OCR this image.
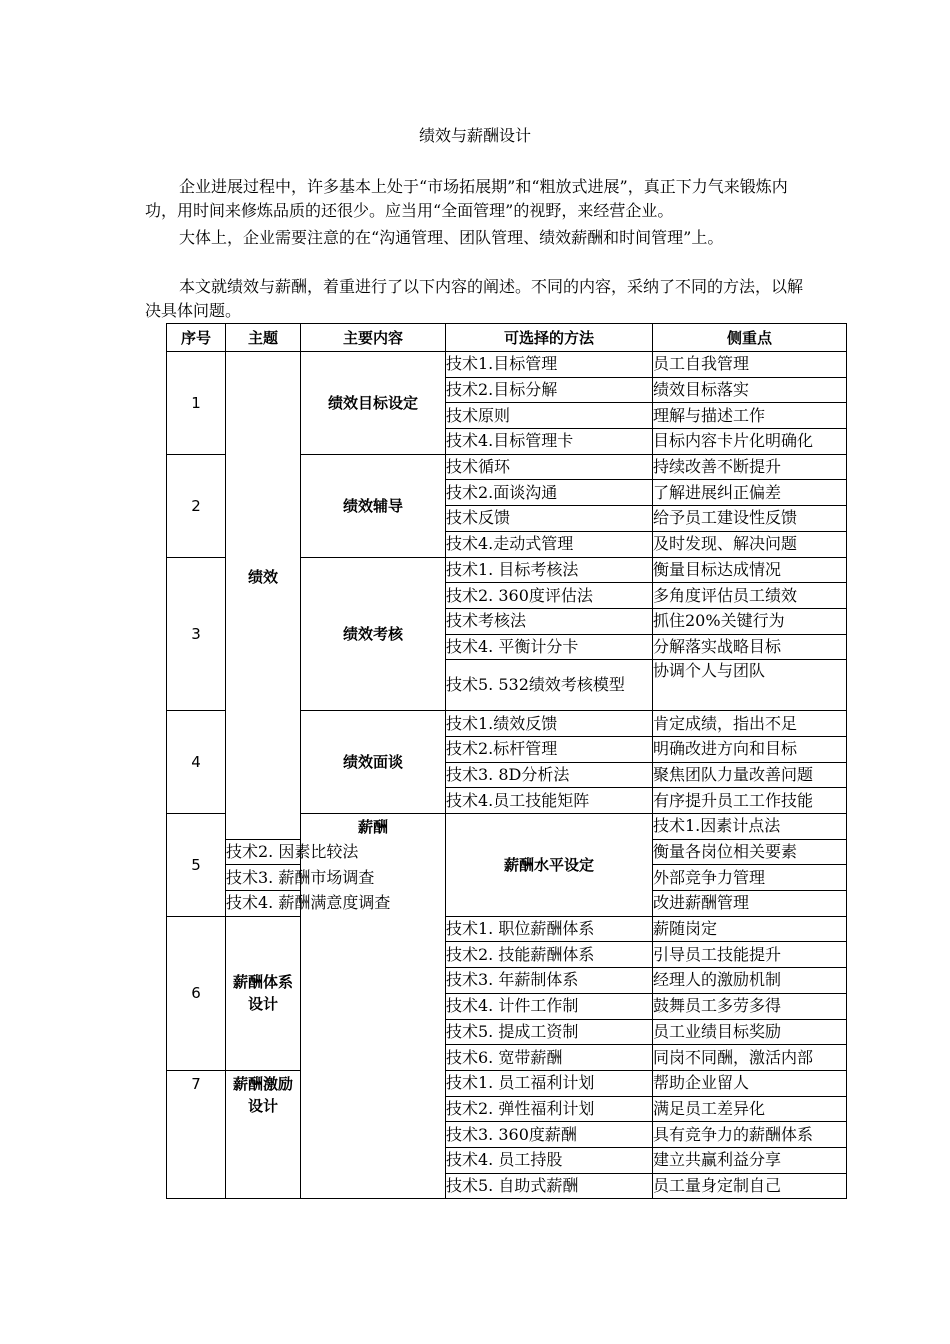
绩效与薪酬设计

企业进展过程中，许多基本上处于“市场拓展期”和“粗放式进展”，真正下力气来锻炼内功，用时间来修炼品质的还很少。应当用“全面管理”的视野，来经营企业。

大体上，企业需要注意的在“沟通管理、团队管理、绩效薪酬和时间管理”上。

本文就绩效与薪酬，着重进行了以下内容的阐述。不同的内容，采纳了不同的方法，以解决具体问题。

序号	主题	主要内容	可选择的方法	侧重点	
1	绩效	绩效目标设定	技术1.目标管理	员工自我管理	
			技术2.目标分解	绩效目标落实	
			技术原则	理解与描述工作	
			技术4.目标管理卡	目标内容卡片化明确化	
2		绩效辅导	技术循环	持续改善不断提升	
			技术2.面谈沟通	了解进展纠正偏差	
			技术反馈	给予员工建设性反馈	
			技术4.走动式管理	及时发现、解决问题	
3		绩效考核	技术1. 目标考核法	衡量目标达成情况	
			技术2. 360度评估法	多角度评估员工绩效	
			技术考核法	抓住20%关键行为	
			技术4. 平衡计分卡	分解落实战略目标	
			技术5. 532绩效考核模型	协调个人与团队	
4		绩效面谈	技术1.绩效反馈	肯定成绩，指出不足	
			技术2.标杆管理	明确改进方向和目标	
			技术3. 8D分析法	聚焦团队力量改善问题	
			技术4.员工技能矩阵	有序提升员工工作技能	
5		薪酬	薪酬水平设定	技术1.因素计点法	
	技术2. 因素比较法			衡量各岗位相关要素	
	技术3. 薪酬市场调查			外部竞争力管理	
	技术4. 薪酬满意度调查			改进薪酬管理	
6	薪酬体系设计		技术1. 职位薪酬体系	薪随岗定	
			技术2. 技能薪酬体系	引导员工技能提升	
			技术3. 年薪制体系	经理人的激励机制	
			技术4. 计件工作制	鼓舞员工多劳多得	
			技术5. 提成工资制	员工业绩目标奖励	
			技术6. 宽带薪酬	同岗不同酬，激活内部	
7	薪酬激励设计		技术1. 员工福利计划	帮助企业留人	
			技术2. 弹性福利计划	满足员工差异化	
			技术3. 360度薪酬	具有竞争力的薪酬体系	
			技术4. 员工持股	建立共赢利益分享	
			技术5. 自助式薪酬	员工量身定制自己	
